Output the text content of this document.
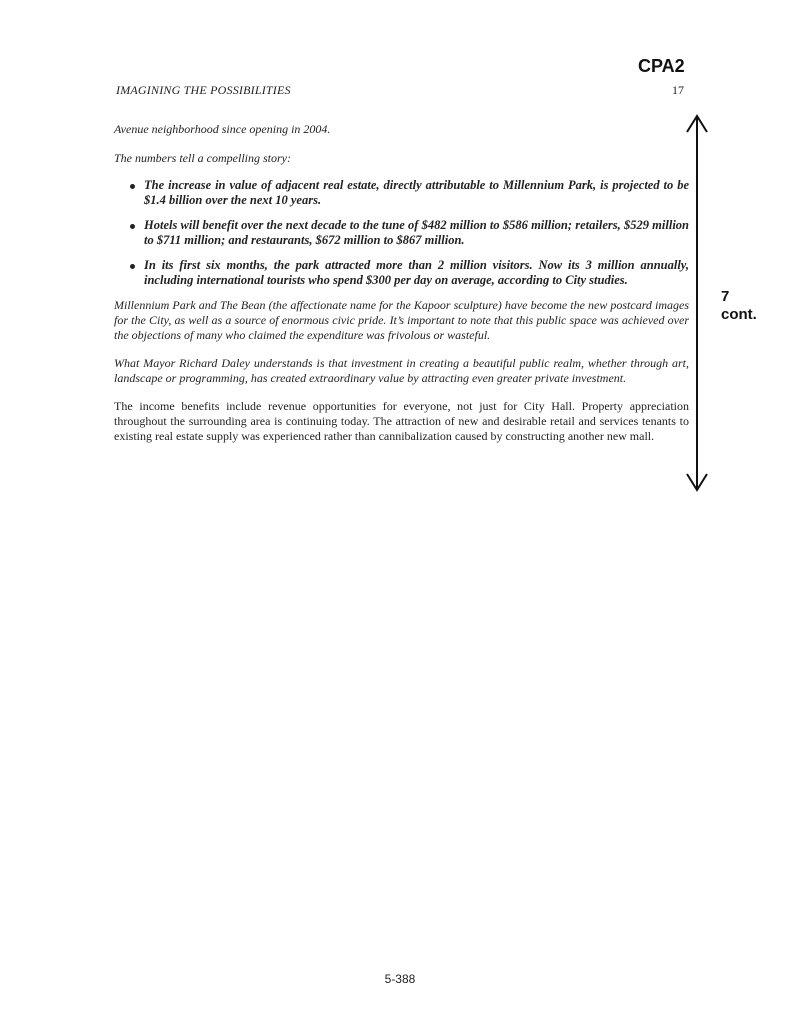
CPA2
IMAGINING THE POSSIBILITIES	17

Avenue neighborhood since opening in 2004.

The numbers tell a compelling story:

The increase in value of adjacent real estate, directly attributable to Millennium Park, is projected to be $1.4 billion over the next 10 years.
Hotels will benefit over the next decade to the tune of $482 million to $586 million; retailers, $529 million to $711 million; and restaurants, $672 million to $867 million.
In its first six months, the park attracted more than 2 million visitors. Now its 3 million annually, including international tourists who spend $300 per day on average, according to City studies.

Millennium Park and The Bean (the affectionate name for the Kapoor sculpture) have become the new postcard images for the City, as well as a source of enormous civic pride. It’s important to note that this public space was achieved over the objections of many who claimed the expenditure was frivolous or wasteful.

What Mayor Richard Daley understands is that investment in creating a beautiful public realm, whether through art, landscape or programming, has created extraordinary value by attracting even greater private investment.

The income benefits include revenue opportunities for everyone, not just for City Hall. Property appreciation throughout the surrounding area is continuing today. The attraction of new and desirable retail and services tenants to existing real estate supply was experienced rather than cannibalization caused by constructing another new mall.

7
cont.
5-388
